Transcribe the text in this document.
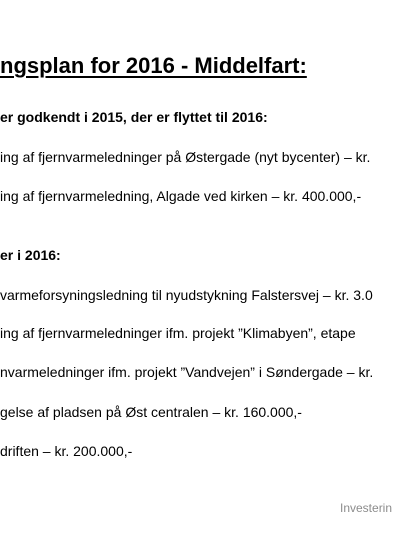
ngsplan for 2016 - Middelfart:
er godkendt i 2015, der er flyttet til 2016:
ing af fjernvarmeledninger på Østergade (nyt bycenter) – kr.
ing af fjernvarmeledning, Algade ved kirken – kr. 400.000,-
er i 2016:
varmeforsyningsledning til nyudstykning Falstersvej – kr. 3.0
ing af fjernvarmeledninger ifm. projekt ”Klimabyen”, etape
nvarmeledninger ifm. projekt ”Vandvejen” i Søndergade – kr.
gelse af pladsen på Øst centralen – kr. 160.000,-
driften – kr. 200.000,-
Investerin
